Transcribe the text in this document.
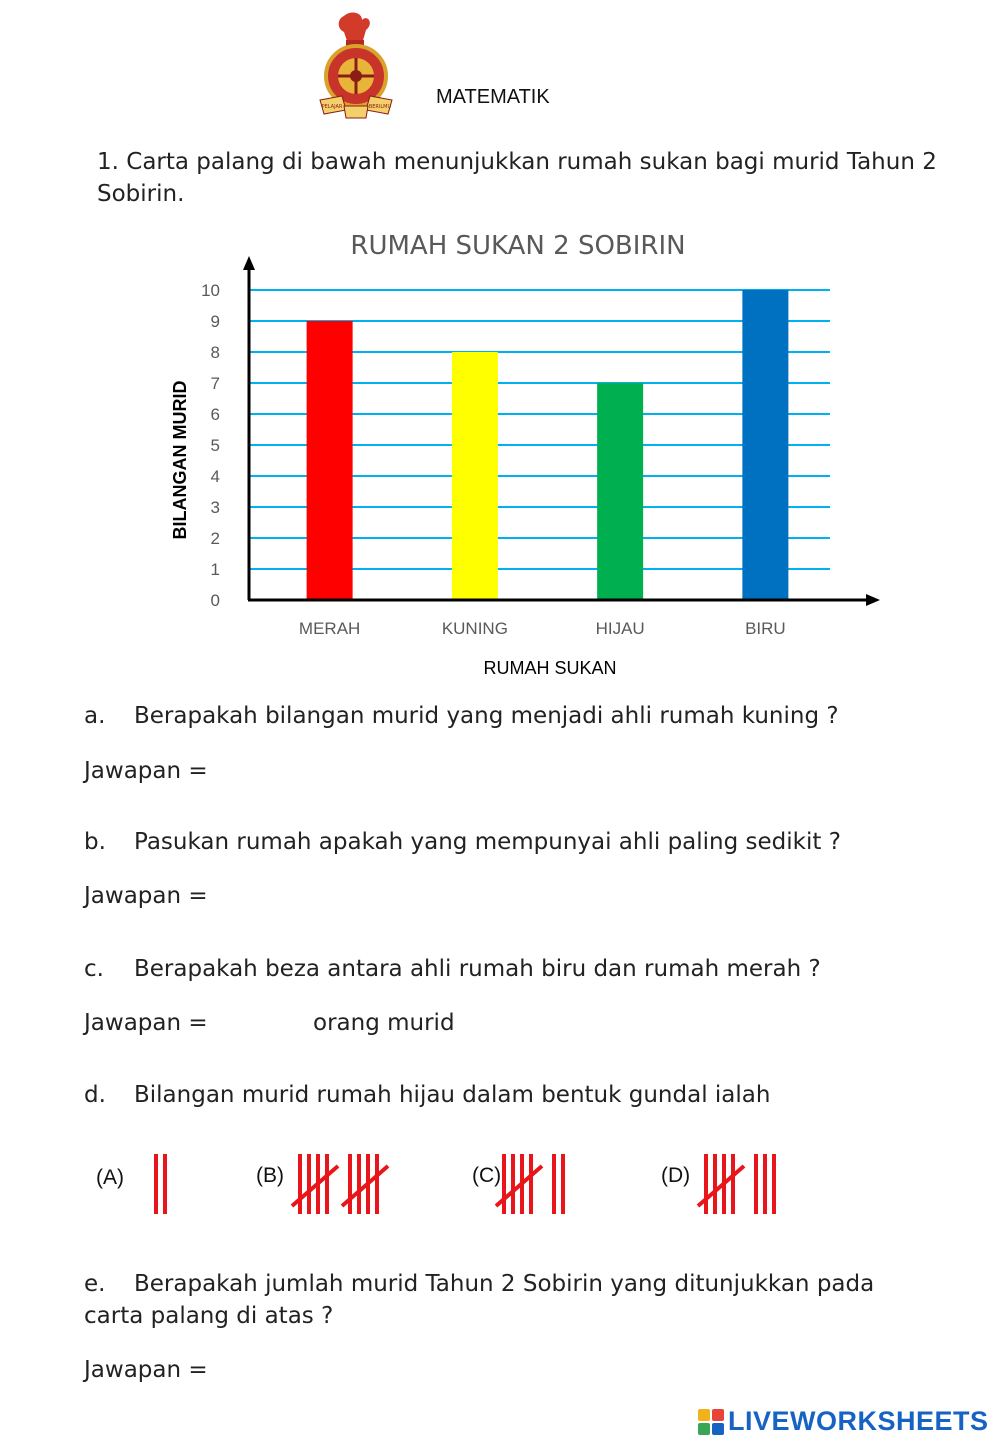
PELAJAR	BERILMU MATEMATIK
1. Carta palang di bawah menunjukkan rumah sukan bagi murid Tahun 2 Sobirin.
RUMAH SUKAN 2 SOBIRIN
0
1
2
3
4
5
6
7
8
9
10
MERAH	KUNING	HIJAU	BIRU
BILANGAN MURID
RUMAH SUKAN
a. Berapakah bilangan murid yang menjadi ahli rumah kuning ?
Jawapan =
b. Pasukan rumah apakah yang mempunyai ahli paling sedikit ?
Jawapan =
c. Berapakah beza antara ahli rumah biru dan rumah merah ?
Jawapan =	orang murid
d. Bilangan murid rumah hijau dalam bentuk gundal ialah
(A)	(B)	(C)	(D)
e. Berapakah jumlah murid Tahun 2 Sobirin yang ditunjukkan pada carta palang di atas ?
Jawapan =
LIVEWORKSHEETS
